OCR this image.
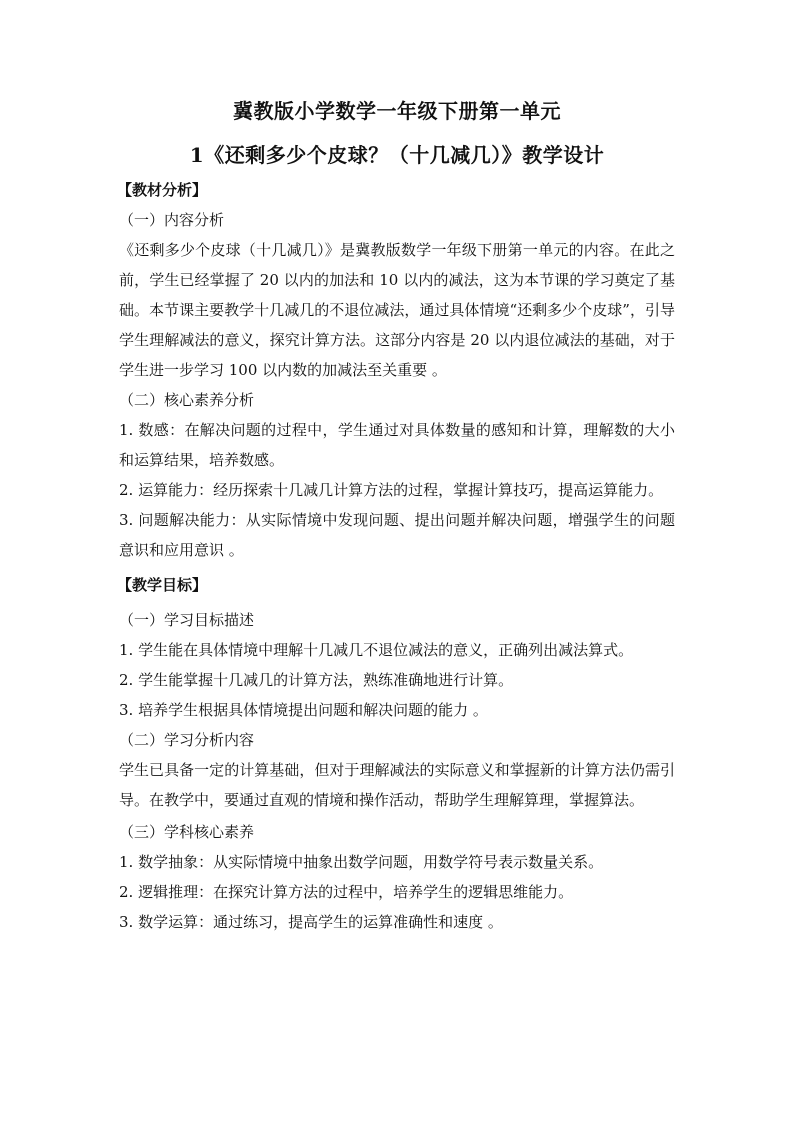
冀教版小学数学一年级下册第一单元
1《还剩多少个皮球？（十几减几）》教学设计
【教材分析】
（一）内容分析
《还剩多少个皮球（十几减几）》是冀教版数学一年级下册第一单元的内容。在此之前，学生已经掌握了 20 以内的加法和 10 以内的减法，这为本节课的学习奠定了基础。本节课主要教学十几减几的不退位减法，通过具体情境“还剩多少个皮球”，引导学生理解减法的意义，探究计算方法。这部分内容是 20 以内退位减法的基础，对于学生进一步学习 100 以内数的加减法至关重要 。
（二）核心素养分析
1. 数感：在解决问题的过程中，学生通过对具体数量的感知和计算，理解数的大小和运算结果，培养数感。
2. 运算能力：经历探索十几减几计算方法的过程，掌握计算技巧，提高运算能力。
3. 问题解决能力：从实际情境中发现问题、提出问题并解决问题，增强学生的问题意识和应用意识 。
【教学目标】
（一）学习目标描述
1. 学生能在具体情境中理解十几减几不退位减法的意义，正确列出减法算式。
2. 学生能掌握十几减几的计算方法，熟练准确地进行计算。
3. 培养学生根据具体情境提出问题和解决问题的能力 。
（二）学习分析内容
学生已具备一定的计算基础，但对于理解减法的实际意义和掌握新的计算方法仍需引导。在教学中，要通过直观的情境和操作活动，帮助学生理解算理，掌握算法。
（三）学科核心素养
1. 数学抽象：从实际情境中抽象出数学问题，用数学符号表示数量关系。
2. 逻辑推理：在探究计算方法的过程中，培养学生的逻辑思维能力。
3. 数学运算：通过练习，提高学生的运算准确性和速度 。
